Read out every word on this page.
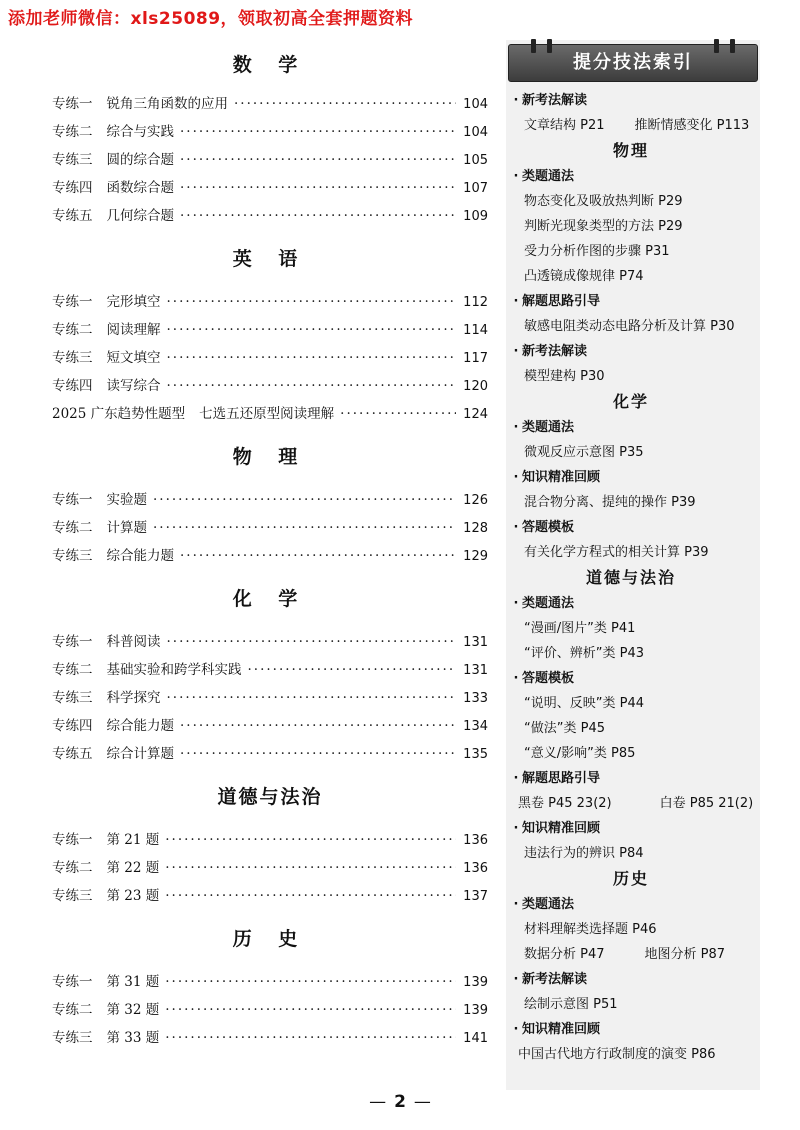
添加老师微信：xls25089，领取初高全套押题资料
数 学
专练一 锐角三角函数的应用 ·····	104
专练二 综合与实践 ·····	104
专练三 圆的综合题 ·····	105
专练四 函数综合题 ·····	107
专练五 几何综合题 ·····	109
英 语
专练一 完形填空 ·····	112
专练二 阅读理解 ·····	114
专练三 短文填空 ·····	117
专练四 读写综合 ·····	120
2025 广东趋势性题型 七选五还原型阅读理解 ·····	124
物 理
专练一 实验题 ·····	126
专练二 计算题 ·····	128
专练三 综合能力题 ·····	129
化 学
专练一 科普阅读 ·····	131
专练二 基础实验和跨学科实践 ·····	131
专练三 科学探究 ·····	133
专练四 综合能力题 ·····	134
专练五 综合计算题 ·····	135
道德与法治
专练一 第 21 题 ·····	136
专练二 第 22 题 ·····	136
专练三 第 23 题 ·····	137
历 史
专练一 第 31 题 ·····	139
专练二 第 32 题 ·····	139
专练三 第 33 题 ·····	141
提分技法索引
· 新考法解读
文章结构 P21 推断情感变化 P113
物理
· 类题通法
物态变化及吸放热判断 P29
判断光现象类型的方法 P29
受力分析作图的步骤 P31
凸透镜成像规律 P74
· 解题思路引导
敏感电阻类动态电路分析及计算 P30
· 新考法解读
模型建构 P30
化学
· 类题通法
微观反应示意图 P35
· 知识精准回顾
混合物分离、提纯的操作 P39
· 答题模板
有关化学方程式的相关计算 P39
道德与法治
· 类题通法
“漫画/图片”类 P41
“评价、辨析”类 P43
· 答题模板
“说明、反映”类 P44
“做法”类 P45
“意义/影响”类 P85
· 解题思路引导
黑卷 P45 23(2)	白卷 P85 21(2)
· 知识精准回顾
违法行为的辨识 P84
历史
· 类题通法
材料理解类选择题 P46
数据分析 P47	地图分析 P87
· 新考法解读
绘制示意图 P51
· 知识精准回顾
中国古代地方行政制度的演变 P86
— 2 —
